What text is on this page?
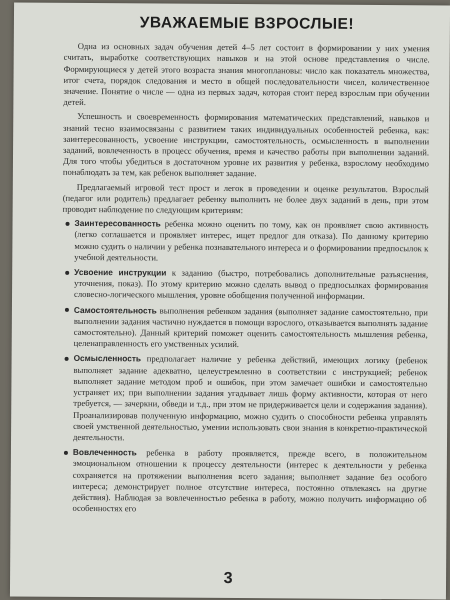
УВАЖАЕМЫЕ ВЗРОСЛЫЕ!

Одна из основных задач обучения детей 4–5 лет состоит в формировании у них умения считать, выработке соответствующих навыков и на этой основе представления о числе. Формирующиеся у детей этого возраста знания многоплановы: число как показатель множества, итог счета, порядок следования и место в общей последовательности чисел, количественное значение. Понятие о числе — одна из первых задач, которая стоит перед взрослым при обучении детей.

Успешность и своевременность формирования математических представлений, навыков и знаний тесно взаимосвязаны с развитием таких индивидуальных особенностей ребенка, как: заинтересованность, усвоение инструкции, самостоятельность, осмысленность в выполнении заданий, вовлеченность в процесс обучения, время и качество работы при выполнении заданий. Для того чтобы убедиться в достаточном уровне их развития у ребенка, взрослому необходимо понаблюдать за тем, как ребенок выполняет задание.

Предлагаемый игровой тест прост и легок в проведении и оценке результатов. Взрослый (педагог или родитель) предлагает ребенку выполнить не более двух заданий в день, при этом проводит наблюдение по следующим критериям:

Заинтересованность ребенка можно оценить по тому, как он проявляет свою активность (легко соглашается и проявляет интерес, ищет предлог для отказа). По данному критерию можно судить о наличии у ребенка познавательного интереса и о формировании предпосылок к учебной деятельности.
Усвоение инструкции к заданию (быстро, потребовались дополнительные разъяснения, уточнения, показ). По этому критерию можно сделать вывод о предпосылках формирования словесно-логического мышления, уровне обобщения полученной информации.
Самостоятельность выполнения ребенком задания (выполняет задание самостоятельно, при выполнении задания частично нуждается в помощи взрослого, отказывается выполнять задание самостоятельно). Данный критерий поможет оценить самостоятельность мышления ребенка, целенаправленность его умственных усилий.
Осмысленность предполагает наличие у ребенка действий, имеющих логику (ребенок выполняет задание адекватно, целеустремленно в соответствии с инструкцией; ребенок выполняет задание методом проб и ошибок, при этом замечает ошибки и самостоятельно устраняет их; при выполнении задания угадывает лишь форму активности, которая от него требуется, — зачеркни, обведи и т.д., при этом не придерживается цели и содержания задания). Проанализировав полученную информацию, можно судить о способности ребенка управлять своей умственной деятельностью, умении использовать свои знания в конкретно-практической деятельности.
Вовлеченность ребенка в работу проявляется, прежде всего, в положительном эмоциональном отношении к процессу деятельности (интерес к деятельности у ребенка сохраняется на протяжении выполнения всего задания; выполняет задание без особого интереса; демонстрирует полное отсутствие интереса, постоянно отвлекаясь на другие действия). Наблюдая за вовлеченностью ребенка в работу, можно получить информацию об особенностях его
3
